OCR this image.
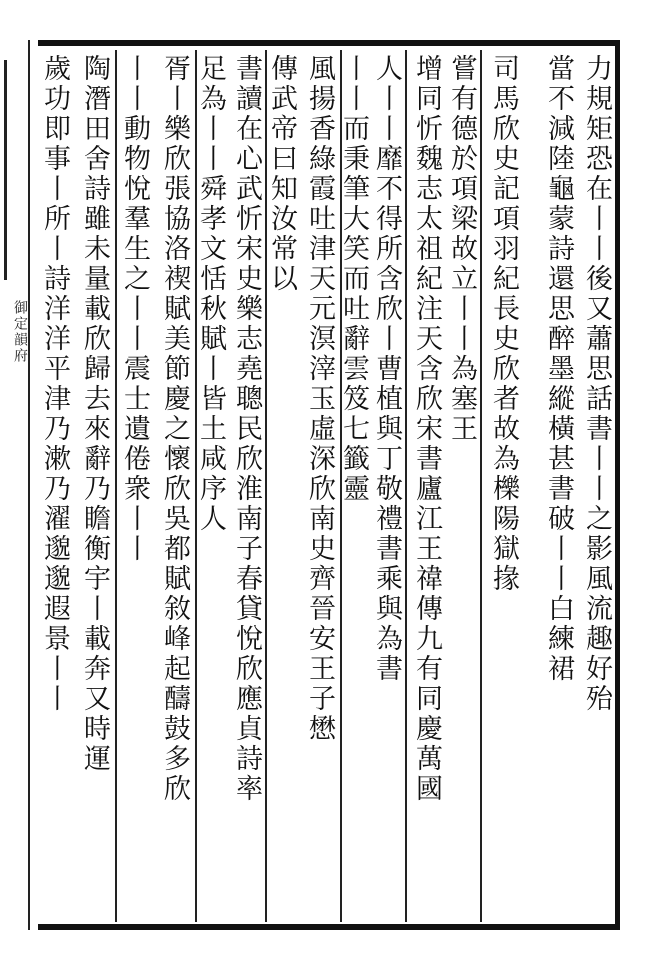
御定韻府	力規矩恐在丨丨後又蕭思話書丨丨之影風流趣好殆
當不減陸龜蒙詩還思醉墨縱橫甚書破丨丨白練裙
司馬欣史記項羽紀長史欣者故為櫟陽獄掾
嘗有德於項梁故立丨丨為塞王
增同忻魏志太祖紀注天含欣宋書廬江王禕傳九有同慶萬國
人丨丨靡不得所含欣丨曹植與丁敬禮書乘與為書
丨丨而秉筆大笑而吐辭雲笈七籤靈
風揚香綠霞吐津天元溟滓玉虛深欣南史齊晉安王子懋
傳武帝曰知汝常以
書讀在心武忻宋史樂志堯聰民欣淮南子春貸悅欣應貞詩率
足為丨丨舜孝文恬秋賦丨皆土咸序人
胥丨樂欣張協洛禊賦美節慶之懷欣吳都賦敘峰起醻鼓多欣
丨丨動物悅羣生之丨丨震士遺倦衆丨丨
陶潛田舍詩雖未量載欣歸去來辭乃瞻衡宇丨載奔又時運
歲功即事丨所丨詩洋洋平津乃漱乃濯邈邈遐景丨丨
